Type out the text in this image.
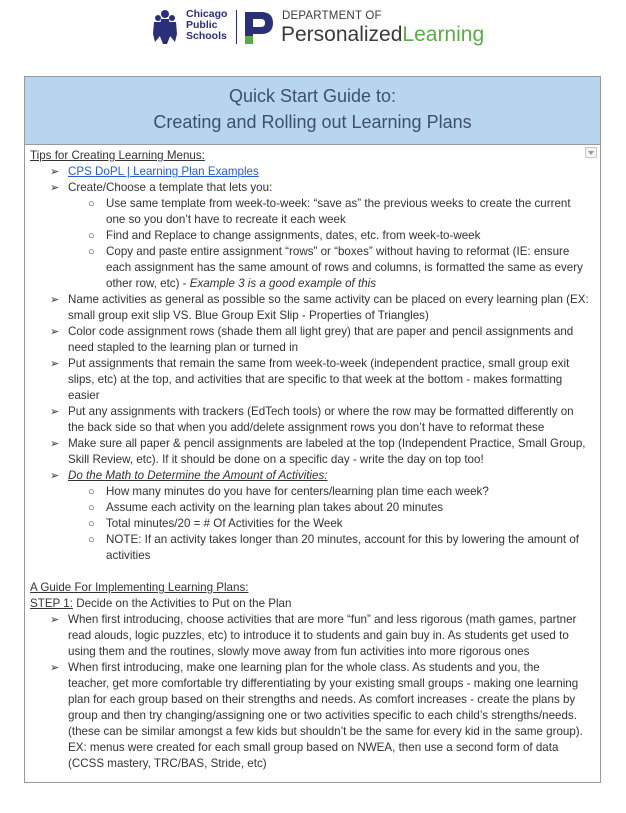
Chicago
Public
Schools
DEPARTMENT OF
PersonalizedLearning
Quick Start Guide to:
Creating and Rolling out Learning Plans
Tips for Creating Learning Menus:
➢ CPS DoPL | Learning Plan Examples
➢ Create/Choose a template that lets you:
○ Use same template from week-to-week: “save as” the previous weeks to create the current
one so you don’t have to recreate it each week
○ Find and Replace to change assignments, dates, etc. from week-to-week
○ Copy and paste entire assignment “rows” or “boxes” without having to reformat (IE: ensure
each assignment has the same amount of rows and columns, is formatted the same as every
other row, etc) - Example 3 is a good example of this
➢ Name activities as general as possible so the same activity can be placed on every learning plan (EX:
small group exit slip VS. Blue Group Exit Slip - Properties of Triangles)
➢ Color code assignment rows (shade them all light grey) that are paper and pencil assignments and
need stapled to the learning plan or turned in
➢ Put assignments that remain the same from week-to-week (independent practice, small group exit
slips, etc) at the top, and activities that are specific to that week at the bottom - makes formatting
easier
➢ Put any assignments with trackers (EdTech tools) or where the row may be formatted differently on
the back side so that when you add/delete assignment rows you don’t have to reformat these
➢ Make sure all paper & pencil assignments are labeled at the top (Independent Practice, Small Group,
Skill Review, etc). If it should be done on a specific day - write the day on top too!
➢ Do the Math to Determine the Amount of Activities:
○ How many minutes do you have for centers/learning plan time each week?
○ Assume each activity on the learning plan takes about 20 minutes
○ Total minutes/20 = # Of Activities for the Week
○ NOTE: If an activity takes longer than 20 minutes, account for this by lowering the amount of
activities
A Guide For Implementing Learning Plans:
STEP 1: Decide on the Activities to Put on the Plan
➢ When first introducing, choose activities that are more “fun” and less rigorous (math games, partner
read alouds, logic puzzles, etc) to introduce it to students and gain buy in. As students get used to
using them and the routines, slowly move away from fun activities into more rigorous ones
➢ When first introducing, make one learning plan for the whole class. As students and you, the
teacher, get more comfortable try differentiating by your existing small groups - making one learning
plan for each group based on their strengths and needs. As comfort increases - create the plans by
group and then try changing/assigning one or two activities specific to each child’s strengths/needs.
(these can be similar amongst a few kids but shouldn’t be the same for every kid in the same group).
EX: menus were created for each small group based on NWEA, then use a second form of data
(CCSS mastery, TRC/BAS, Stride, etc)
